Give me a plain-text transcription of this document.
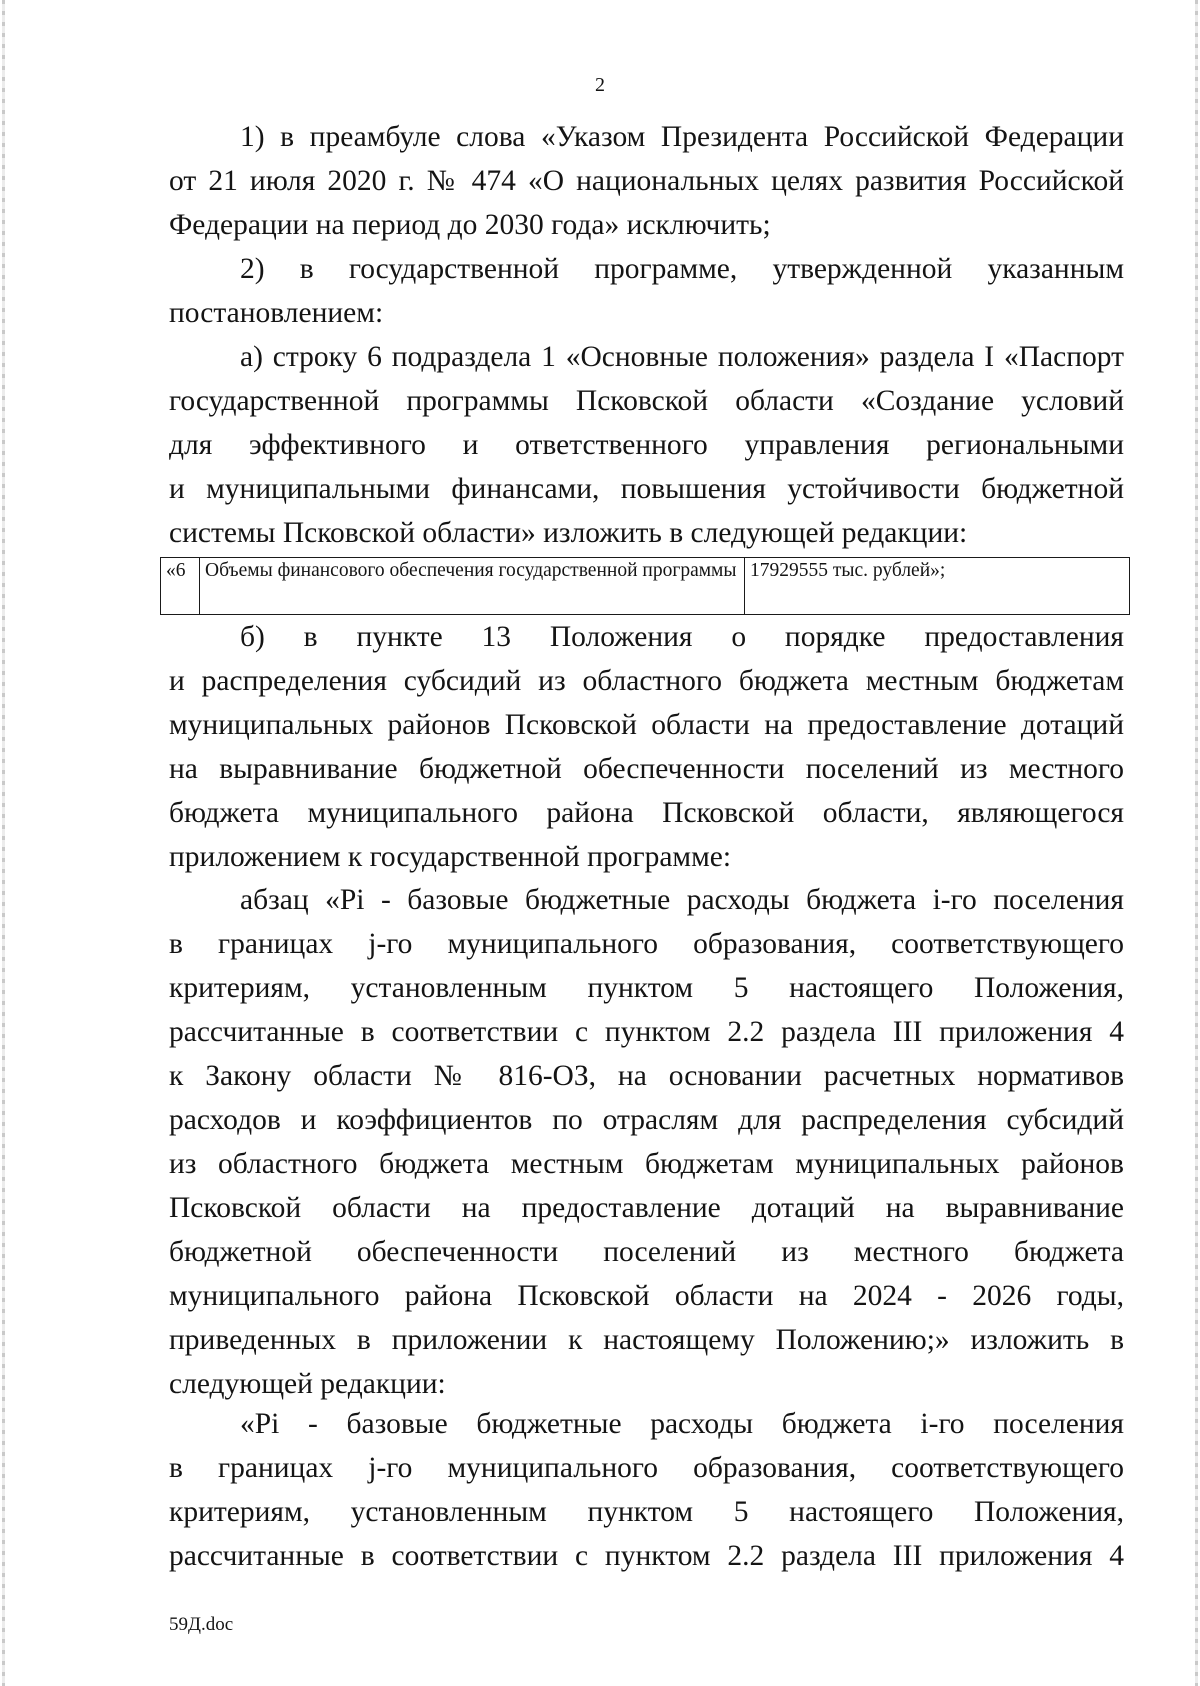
2
1) в преамбуле слова «Указом Президента Российской Федерации
от 21 июля 2020 г. № 474 «О национальных целях развития Российской
Федерации на период до 2030 года» исключить;
2) в государственной программе, утвержденной указанным
постановлением:
а) строку 6 подраздела 1 «Основные положения» раздела I «Паспорт
государственной программы Псковской области «Создание условий
для эффективного и ответственного управления региональными
и муниципальными финансами, повышения устойчивости бюджетной
системы Псковской области» изложить в следующей редакции:
«6	Объемы финансового обеспечения государственной программы	17929555 тыс. рублей»;
б) в пункте 13 Положения о порядке предоставления
и распределения субсидий из областного бюджета местным бюджетам
муниципальных районов Псковской области на предоставление дотаций
на выравнивание бюджетной обеспеченности поселений из местного
бюджета муниципального района Псковской области, являющегося
приложением к государственной программе:
абзац «Pi - базовые бюджетные расходы бюджета i-го поселения
в границах j-го муниципального образования, соответствующего
критериям, установленным пунктом 5 настоящего Положения,
рассчитанные в соответствии с пунктом 2.2 раздела III приложения 4
к Закону области № 816-ОЗ, на основании расчетных нормативов
расходов и коэффициентов по отраслям для распределения субсидий
из областного бюджета местным бюджетам муниципальных районов
Псковской области на предоставление дотаций на выравнивание
бюджетной обеспеченности поселений из местного бюджета
муниципального района Псковской области на 2024 - 2026 годы,
приведенных в приложении к настоящему Положению;» изложить в
следующей редакции:
«Pi - базовые бюджетные расходы бюджета i-го поселения
в границах j-го муниципального образования, соответствующего
критериям, установленным пунктом 5 настоящего Положения,
рассчитанные в соответствии с пунктом 2.2 раздела III приложения 4
59Д.doc
